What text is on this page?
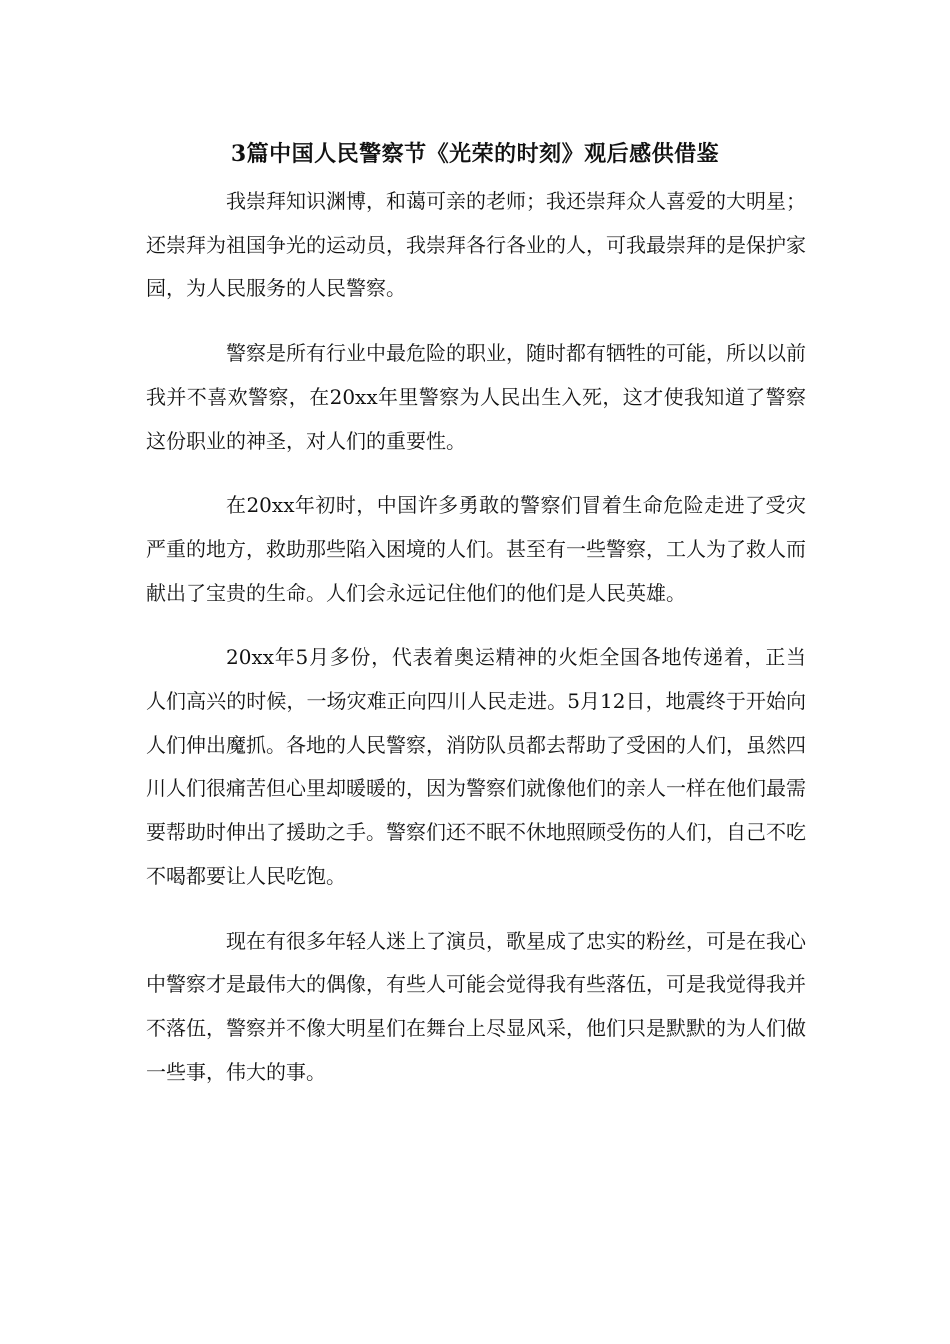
3篇中国人民警察节《光荣的时刻》观后感供借鉴

我崇拜知识渊博，和蔼可亲的老师；我还崇拜众人喜爱的大明星；还崇拜为祖国争光的运动员，我崇拜各行各业的人，可我最崇拜的是保护家园，为人民服务的人民警察。

警察是所有行业中最危险的职业，随时都有牺牲的可能，所以以前我并不喜欢警察，在20xx年里警察为人民出生入死，这才使我知道了警察这份职业的神圣，对人们的重要性。

在20xx年初时，中国许多勇敢的警察们冒着生命危险走进了受灾严重的地方，救助那些陷入困境的人们。甚至有一些警察，工人为了救人而献出了宝贵的生命。人们会永远记住他们的他们是人民英雄。

20xx年5月多份，代表着奥运精神的火炬全国各地传递着，正当人们高兴的时候，一场灾难正向四川人民走进。5月12日，地震终于开始向人们伸出魔抓。各地的人民警察，消防队员都去帮助了受困的人们，虽然四川人们很痛苦但心里却暖暖的，因为警察们就像他们的亲人一样在他们最需要帮助时伸出了援助之手。警察们还不眠不休地照顾受伤的人们，自己不吃不喝都要让人民吃饱。

现在有很多年轻人迷上了演员，歌星成了忠实的粉丝，可是在我心中警察才是最伟大的偶像，有些人可能会觉得我有些落伍，可是我觉得我并不落伍，警察并不像大明星们在舞台上尽显风采，他们只是默默的为人们做一些事，伟大的事。
